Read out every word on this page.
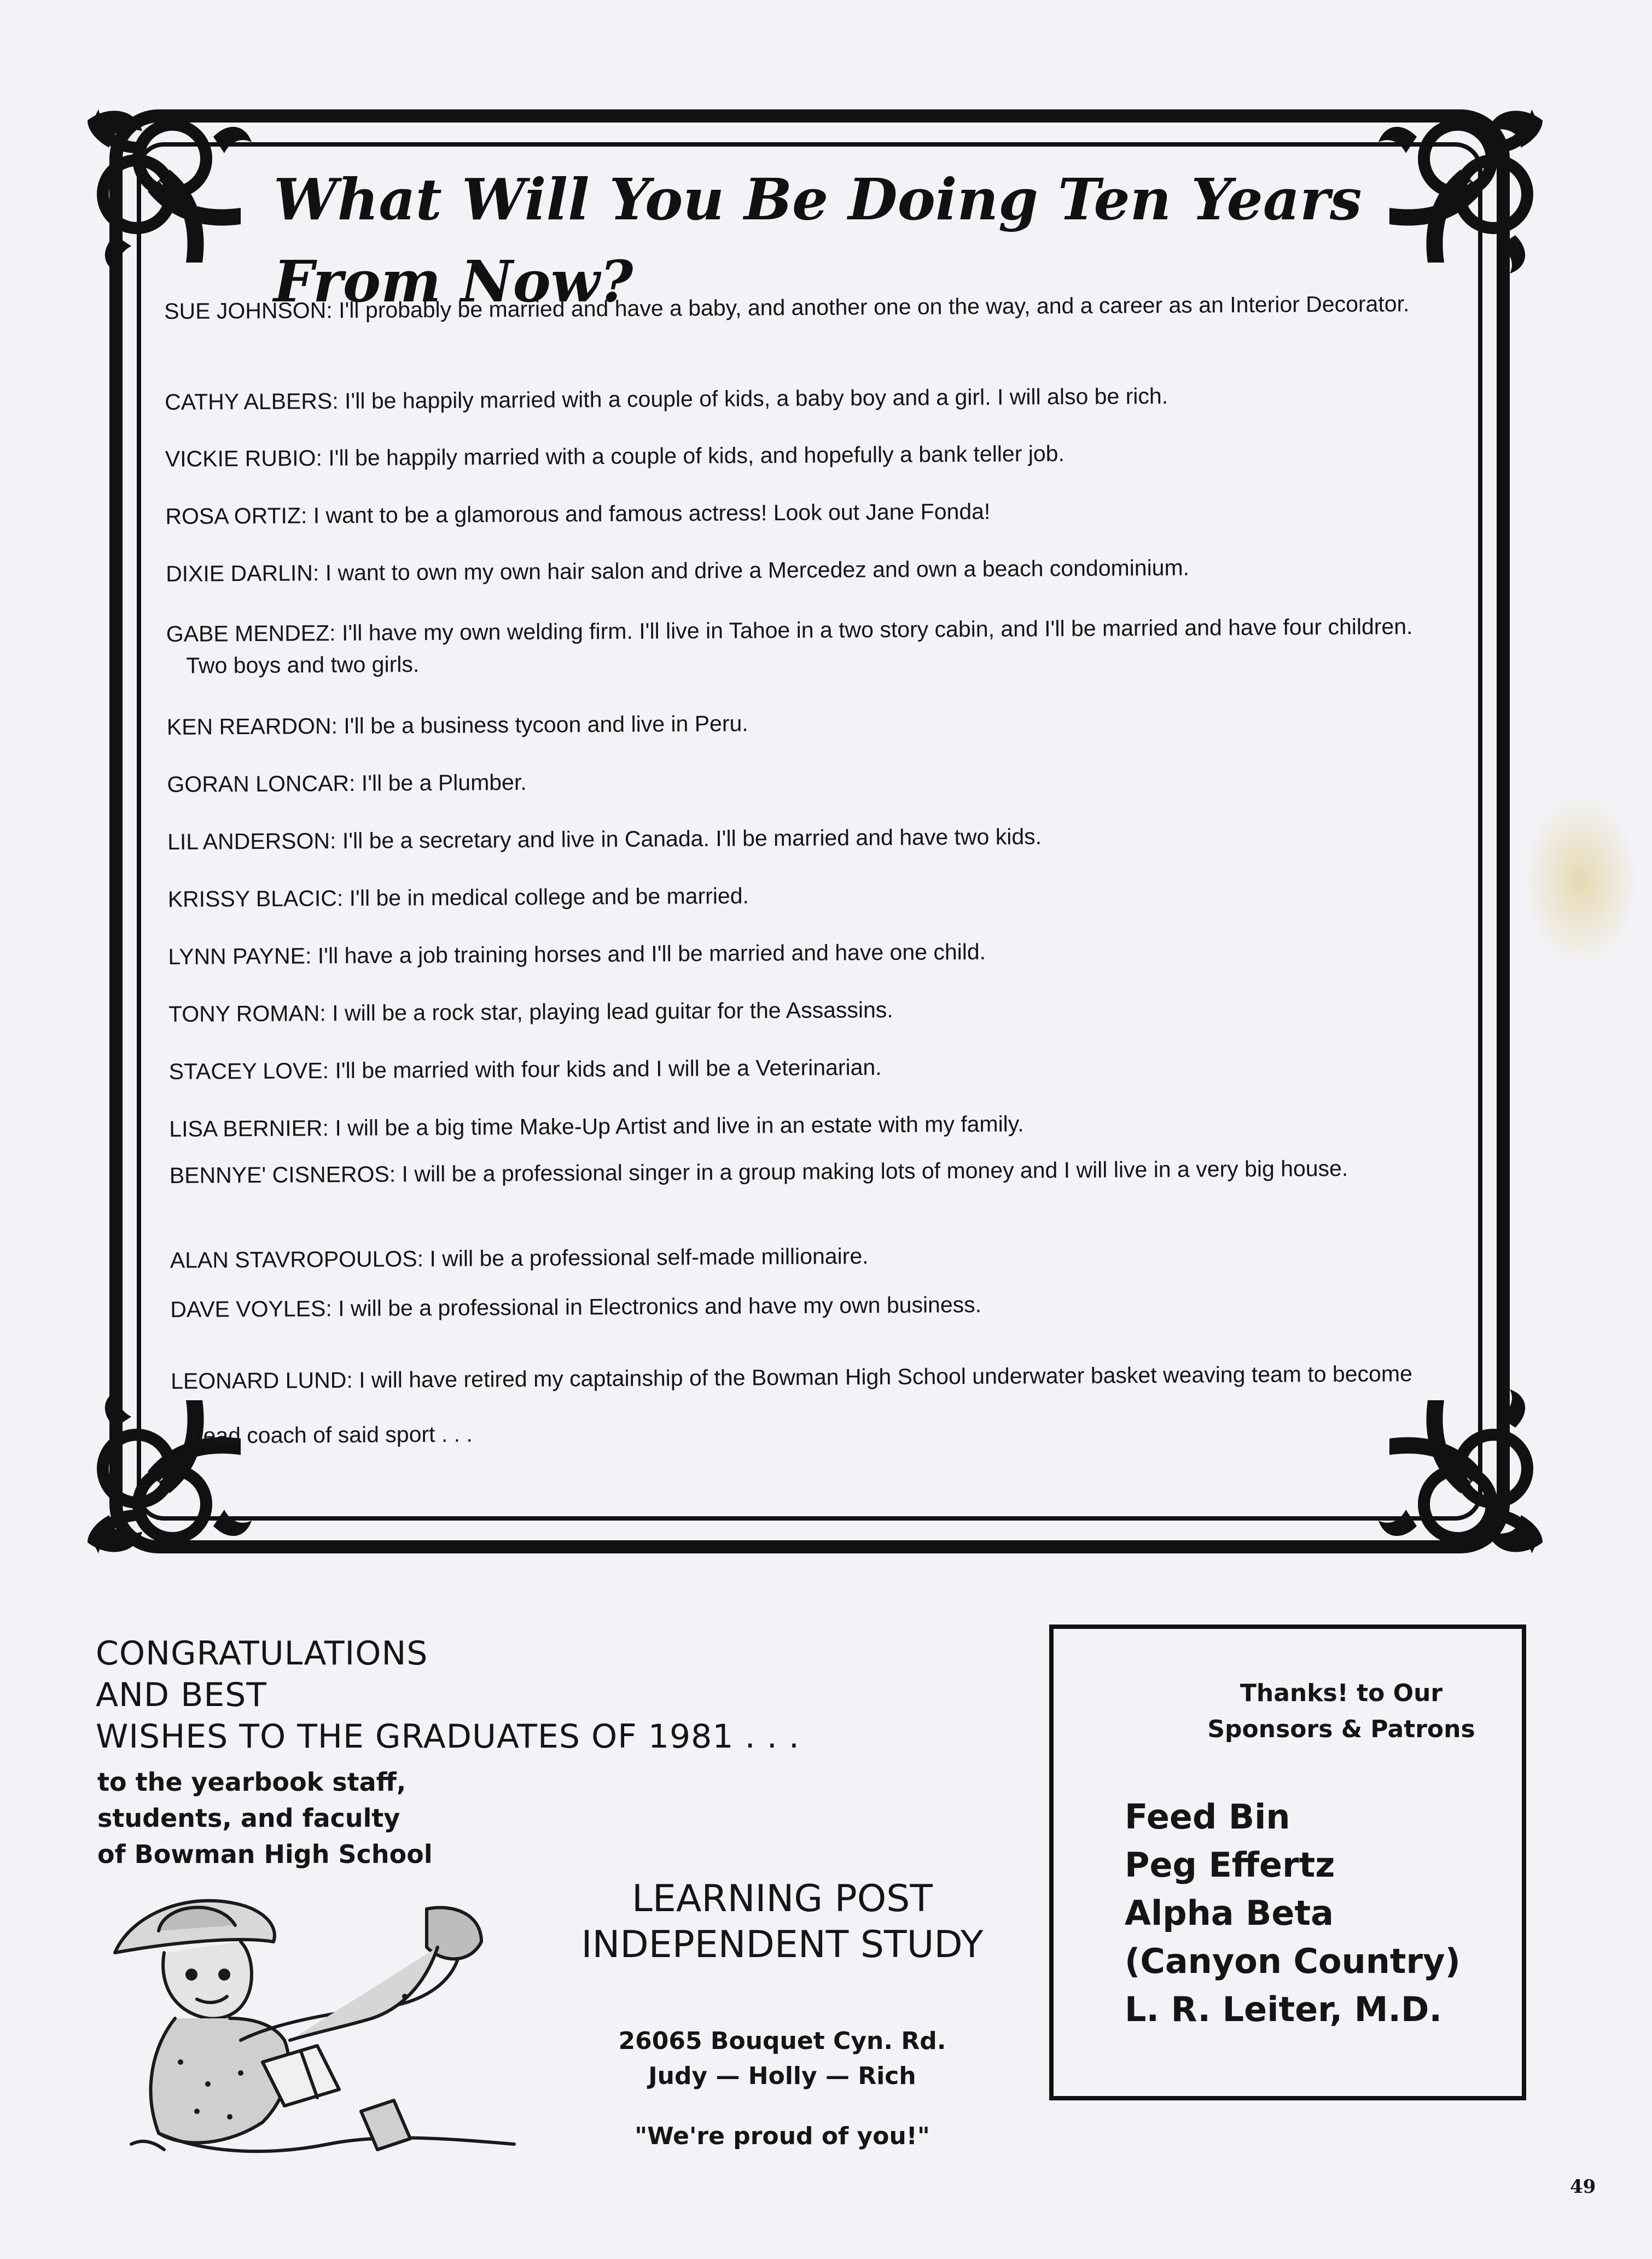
What Will You Be Doing Ten Years
From Now?
SUE JOHNSON: I'll probably be married and have a baby, and another one on the way, and a career as an Interior Decorator.
CATHY ALBERS: I'll be happily married with a couple of kids, a baby boy and a girl. I will also be rich.
VICKIE RUBIO: I'll be happily married with a couple of kids, and hopefully a bank teller job.
ROSA ORTIZ: I want to be a glamorous and famous actress! Look out Jane Fonda!
DIXIE DARLIN: I want to own my own hair salon and drive a Mercedez and own a beach condominium.
GABE MENDEZ: I'll have my own welding firm. I'll live in Tahoe in a two story cabin, and I'll be married and have four children. Two boys and two girls.
KEN REARDON: I'll be a business tycoon and live in Peru.
GORAN LONCAR: I'll be a Plumber.
LIL ANDERSON: I'll be a secretary and live in Canada. I'll be married and have two kids.
KRISSY BLACIC: I'll be in medical college and be married.
LYNN PAYNE: I'll have a job training horses and I'll be married and have one child.
TONY ROMAN: I will be a rock star, playing lead guitar for the Assassins.
STACEY LOVE: I'll be married with four kids and I will be a Veterinarian.
LISA BERNIER: I will be a big time Make-Up Artist and live in an estate with my family.
BENNYE' CISNEROS: I will be a professional singer in a group making lots of money and I will live in a very big house.
ALAN STAVROPOULOS: I will be a professional self-made millionaire.
DAVE VOYLES: I will be a professional in Electronics and have my own business.
LEONARD LUND: I will have retired my captainship of the Bowman High School underwater basket weaving team to become head coach of said sport . . .
CONGRATULATIONS
AND BEST
WISHES TO THE GRADUATES OF 1981 . . .
to the yearbook staff,
students, and faculty
of Bowman High School
LEARNING POST
INDEPENDENT STUDY
26065 Bouquet Cyn. Rd.
Judy — Holly — Rich
"We're proud of you!"
Thanks! to Our
Sponsors & Patrons
Feed Bin
Peg Effertz
Alpha Beta
(Canyon Country)
L. R. Leiter, M.D.
49
